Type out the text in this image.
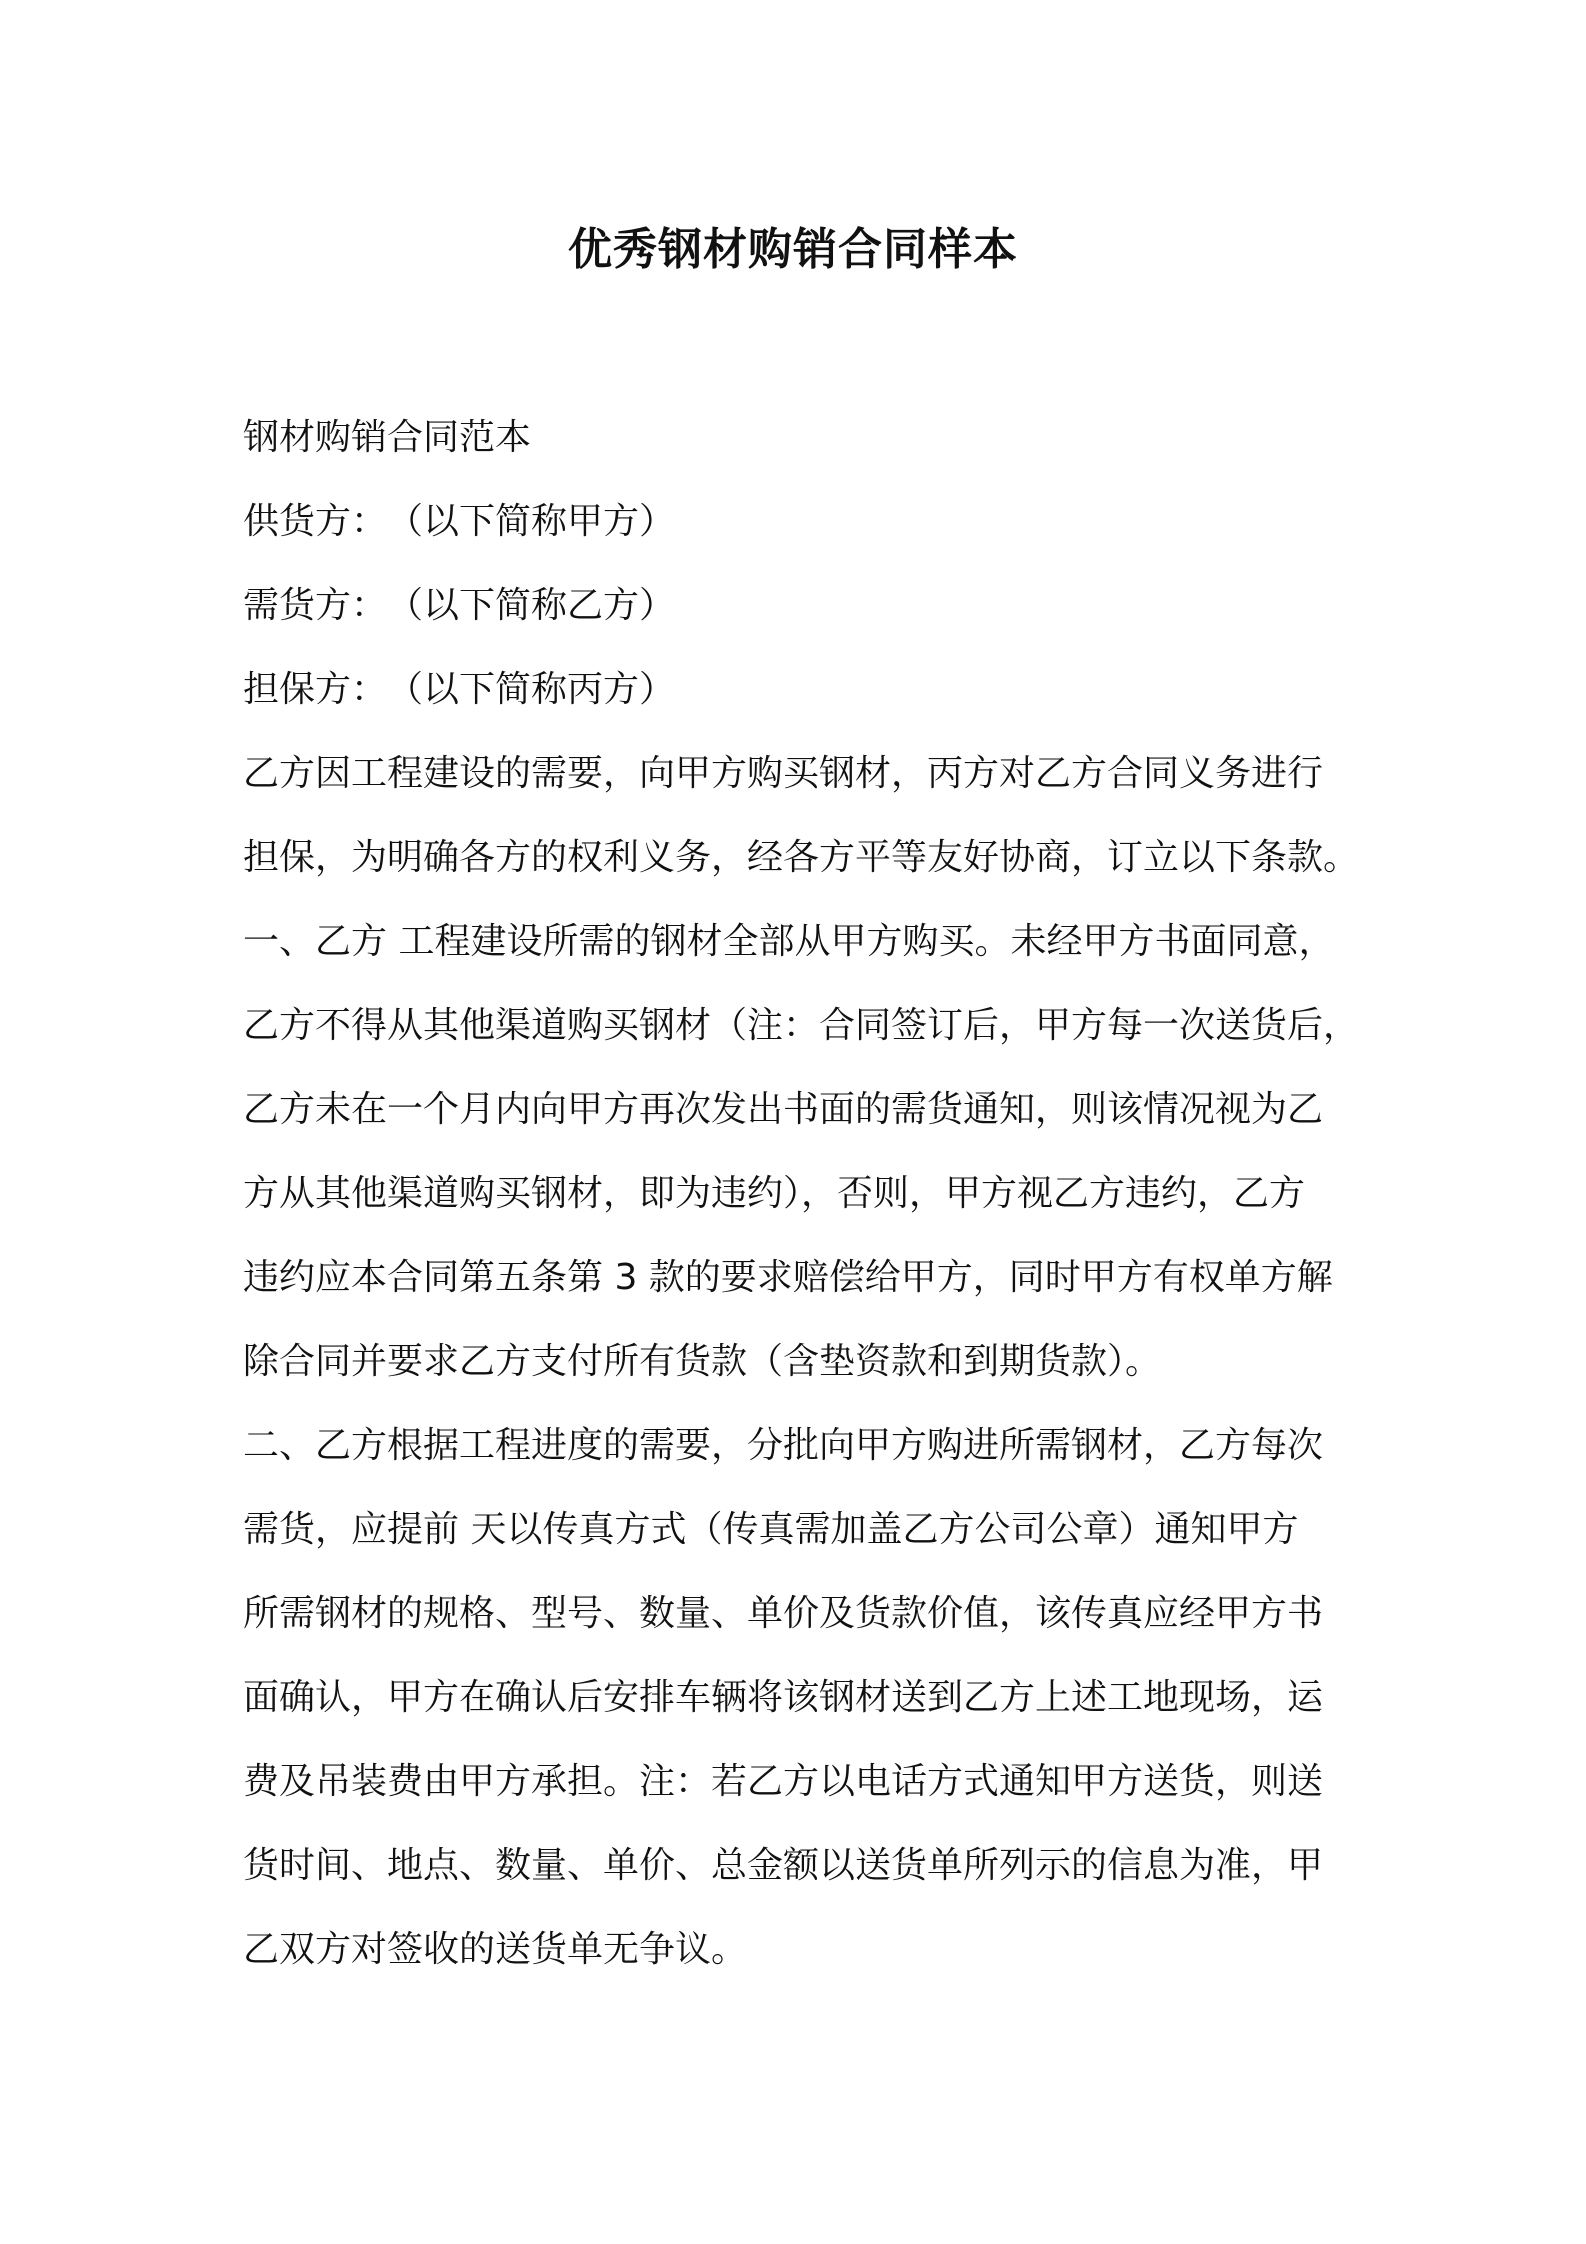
优秀钢材购销合同样本
钢材购销合同范本
供货方：　（以下简称甲方）
需货方：　（以下简称乙方）
担保方：　（以下简称丙方）
乙方因工程建设的需要，向甲方购买钢材，丙方对乙方合同义务进行
担保，为明确各方的权利义务，经各方平等友好协商，订立以下条款。
一、乙方 工程建设所需的钢材全部从甲方购买。未经甲方书面同意，
乙方不得从其他渠道购买钢材（注：合同签订后，甲方每一次送货后，
乙方未在一个月内向甲方再次发出书面的需货通知，则该情况视为乙
方从其他渠道购买钢材，即为违约），否则，甲方视乙方违约，乙方
违约应本合同第五条第 3 款的要求赔偿给甲方，同时甲方有权单方解
除合同并要求乙方支付所有货款（含垫资款和到期货款）。
二、乙方根据工程进度的需要，分批向甲方购进所需钢材，乙方每次
需货，应提前 天以传真方式（传真需加盖乙方公司公章）通知甲方
所需钢材的规格、型号、数量、单价及货款价值，该传真应经甲方书
面确认，甲方在确认后安排车辆将该钢材送到乙方上述工地现场，运
费及吊装费由甲方承担。注：若乙方以电话方式通知甲方送货，则送
货时间、地点、数量、单价、总金额以送货单所列示的信息为准，甲
乙双方对签收的送货单无争议。
